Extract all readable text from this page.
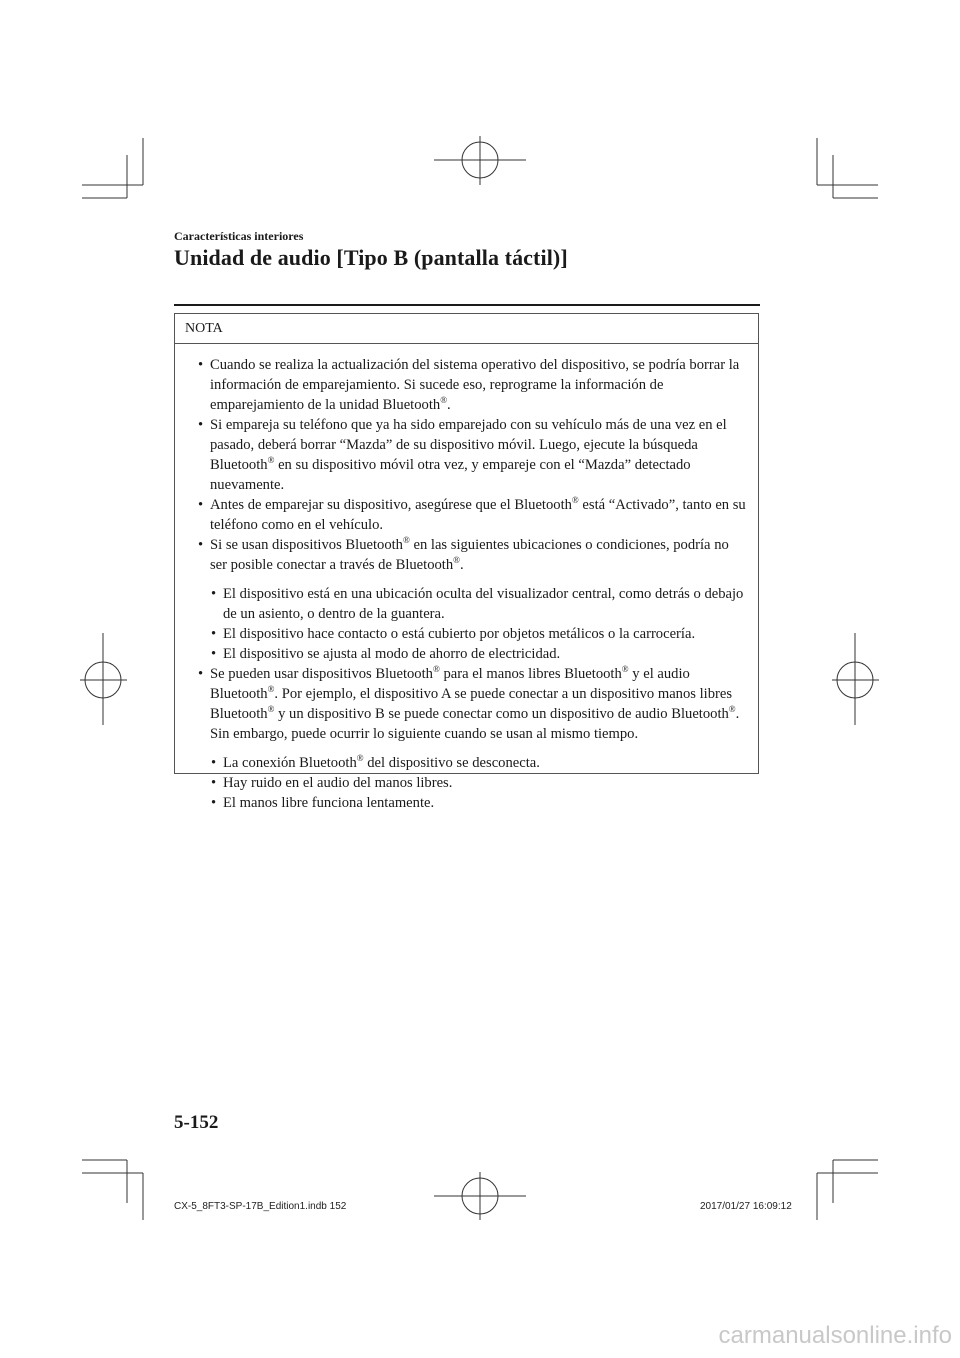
Características interiores
Unidad de audio [Tipo B (pantalla táctil)]
NOTA
• Cuando se realiza la actualización del sistema operativo del dispositivo, se podría borrar la información de emparejamiento. Si sucede eso, reprograme la información de emparejamiento de la unidad Bluetooth®.
• Si empareja su teléfono que ya ha sido emparejado con su vehículo más de una vez en el pasado, deberá borrar “Mazda” de su dispositivo móvil. Luego, ejecute la búsqueda Bluetooth® en su dispositivo móvil otra vez, y empareje con el “Mazda” detectado nuevamente.
• Antes de emparejar su dispositivo, asegúrese que el Bluetooth® está “Activado”, tanto en su teléfono como en el vehículo.
• Si se usan dispositivos Bluetooth® en las siguientes ubicaciones o condiciones, podría no ser posible conectar a través de Bluetooth®.
• El dispositivo está en una ubicación oculta del visualizador central, como detrás o debajo de un asiento, o dentro de la guantera.
• El dispositivo hace contacto o está cubierto por objetos metálicos o la carrocería.
• El dispositivo se ajusta al modo de ahorro de electricidad.
• Se pueden usar dispositivos Bluetooth® para el manos libres Bluetooth® y el audio Bluetooth®. Por ejemplo, el dispositivo A se puede conectar a un dispositivo manos libres Bluetooth® y un dispositivo B se puede conectar como un dispositivo de audio Bluetooth®. Sin embargo, puede ocurrir lo siguiente cuando se usan al mismo tiempo.
• La conexión Bluetooth® del dispositivo se desconecta.
• Hay ruido en el audio del manos libres.
• El manos libre funciona lentamente.
5-152
CX-5_8FT3-SP-17B_Edition1.indb 152	2017/01/27 16:09:12
carmanualsonline.info
